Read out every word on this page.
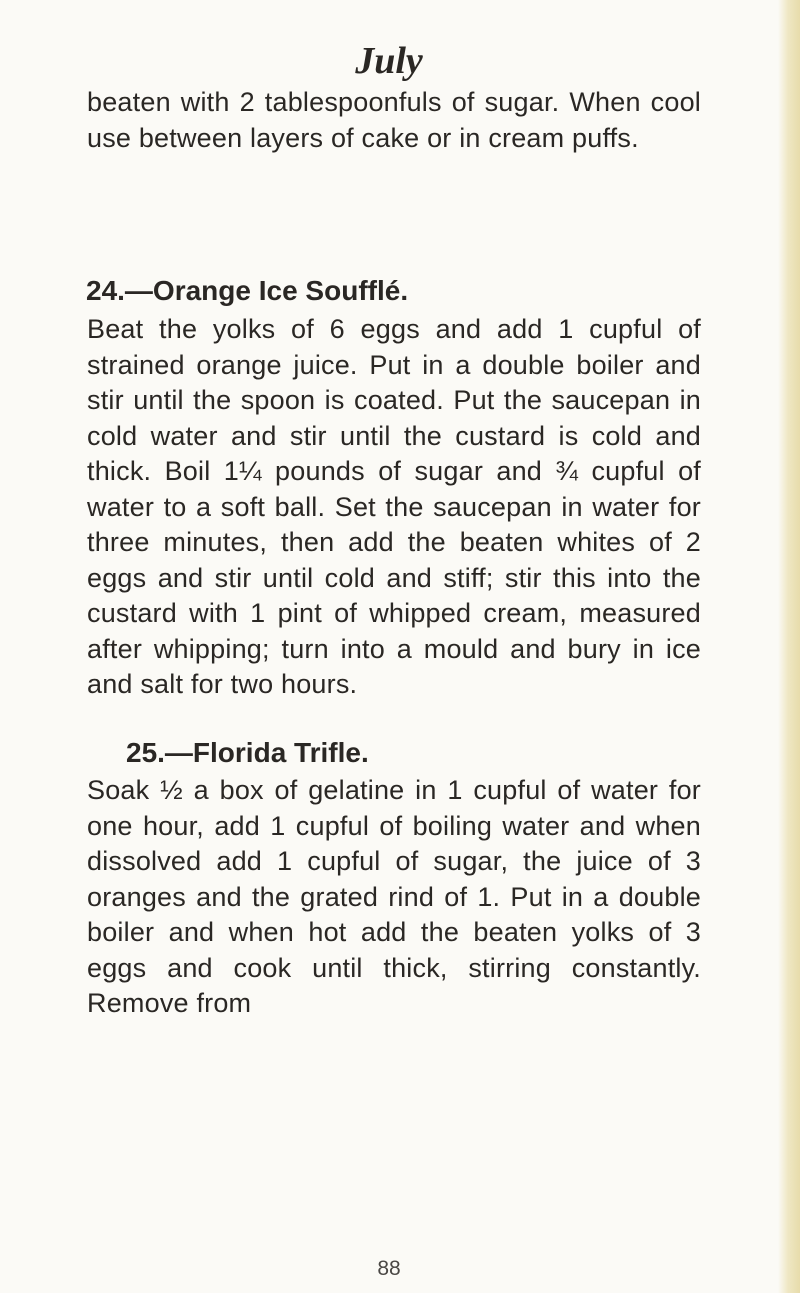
July

beaten with 2 tablespoonfuls of sugar. When cool use between layers of cake or in cream puffs.

24.—Orange Ice Soufflé.

Beat the yolks of 6 eggs and add 1 cupful of strained orange juice. Put in a double boiler and stir until the spoon is coated. Put the saucepan in cold water and stir until the custard is cold and thick. Boil 1¼ pounds of sugar and ¾ cupful of water to a soft ball. Set the saucepan in water for three minutes, then add the beaten whites of 2 eggs and stir until cold and stiff; stir this into the custard with 1 pint of whipped cream, measured after whipping; turn into a mould and bury in ice and salt for two hours.

25.—Florida Trifle.

Soak ½ a box of gelatine in 1 cupful of water for one hour, add 1 cupful of boiling water and when dissolved add 1 cupful of sugar, the juice of 3 oranges and the grated rind of 1. Put in a double boiler and when hot add the beaten yolks of 3 eggs and cook until thick, stirring constantly. Remove from

88
